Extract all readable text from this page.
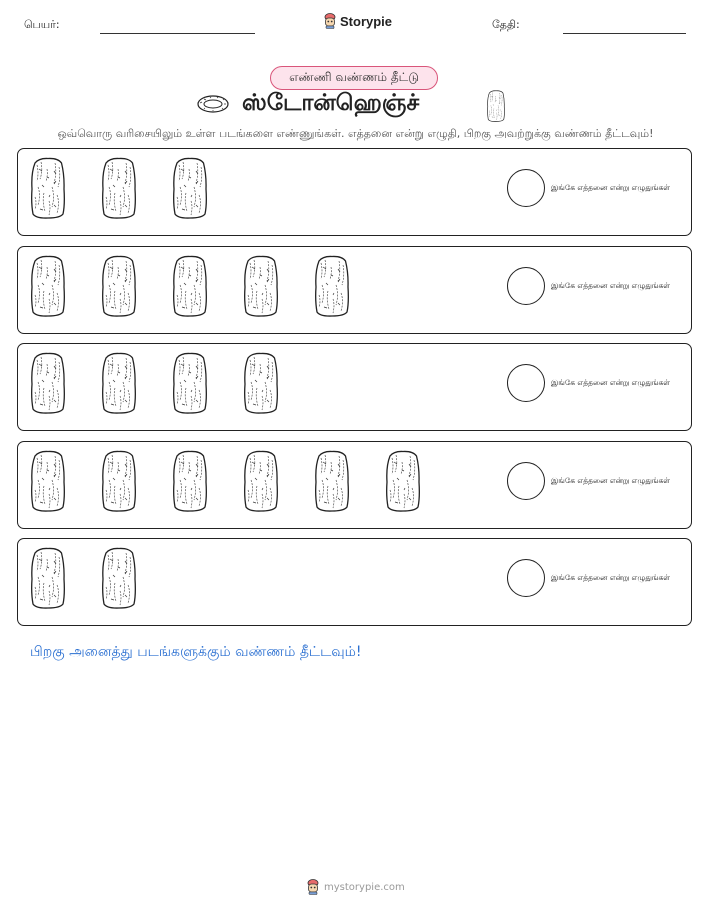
பெயர்:	Storypie	தேதி:
எண்ணி வண்ணம் தீட்டு
ஸ்டோன்ஹெஞ்ச்
ஒவ்வொரு வரிசையிலும் உள்ள படங்களை எண்ணுங்கள். எத்தனை என்று எழுதி, பிறகு அவற்றுக்கு வண்ணம் தீட்டவும்!
இங்கே எத்தனை என்று எழுதுங்கள்
இங்கே எத்தனை என்று எழுதுங்கள்
இங்கே எத்தனை என்று எழுதுங்கள்
இங்கே எத்தனை என்று எழுதுங்கள்
இங்கே எத்தனை என்று எழுதுங்கள்
பிறகு அனைத்து படங்களுக்கும் வண்ணம் தீட்டவும்!
mystorypie.com
